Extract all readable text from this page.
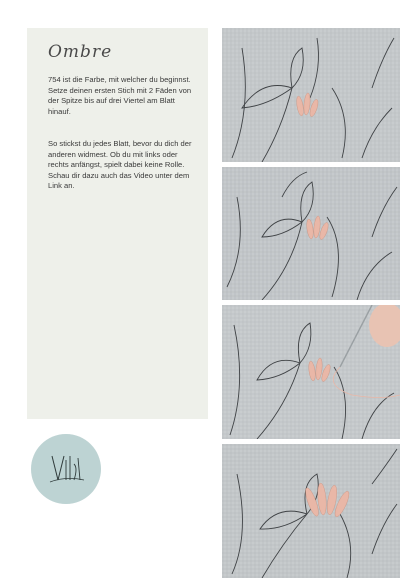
Ombre

754 ist die Farbe, mit welcher du beginnst. Setze deinen ersten Stich mit 2 Fäden von der Spitze bis auf drei Viertel am Blatt hinauf.

So stickst du jedes Blatt, bevor du dich der anderen widmest. Ob du mit links oder rechts anfängst, spielt dabei keine Rolle. Schau dir dazu auch das Video unter dem Link an.
